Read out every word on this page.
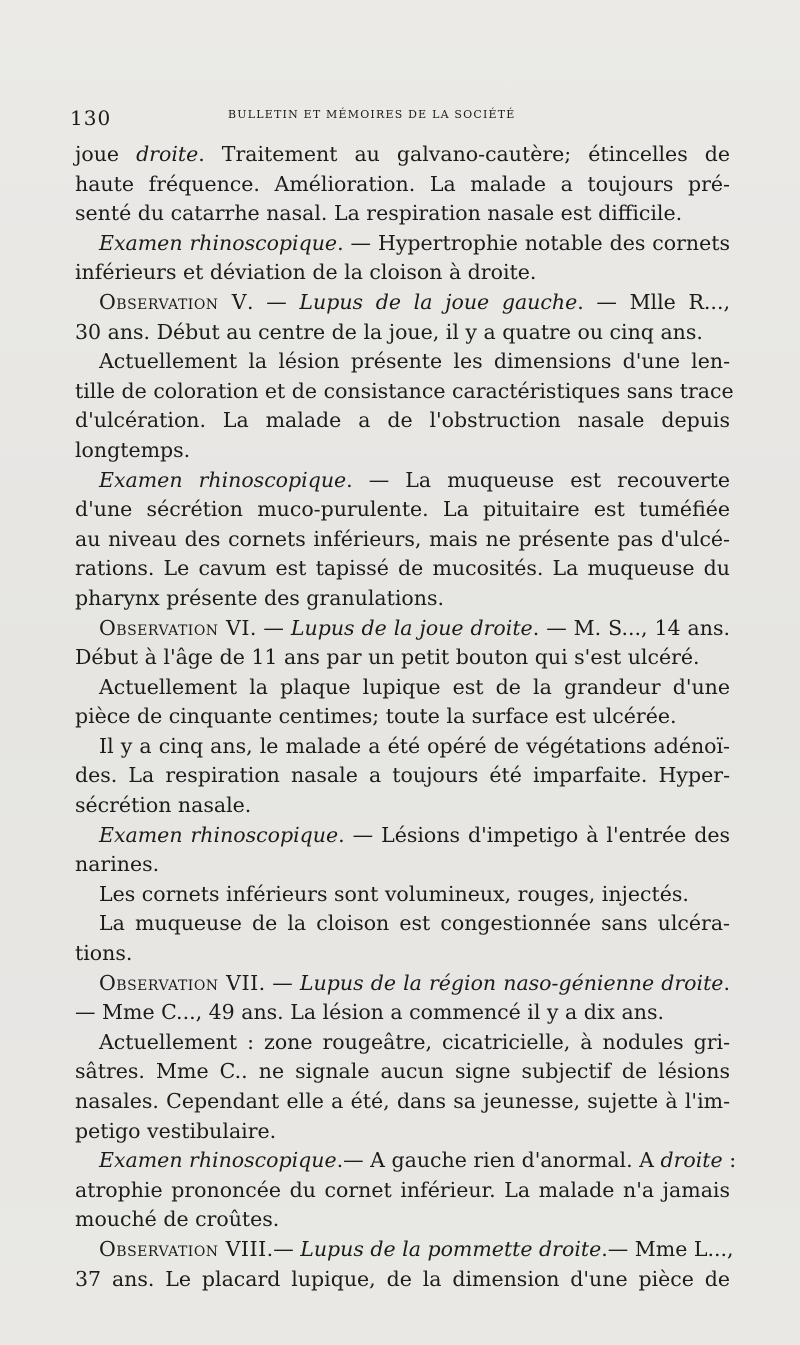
130	BULLETIN ET MÉMOIRES DE LA SOCIÉTÉ
joue droite. Traitement au galvano-cautère; étincelles de
haute fréquence. Amélioration. La malade a toujours pré-
senté du catarrhe nasal. La respiration nasale est difficile.
Examen rhinoscopique. — Hypertrophie notable des cornets
inférieurs et déviation de la cloison à droite.
Observation V. — Lupus de la joue gauche. — Mlle R...,
30 ans. Début au centre de la joue, il y a quatre ou cinq ans.
Actuellement la lésion présente les dimensions d'une len-
tille de coloration et de consistance caractéristiques sans trace
d'ulcération. La malade a de l'obstruction nasale depuis
longtemps.
Examen rhinoscopique. — La muqueuse est recouverte
d'une sécrétion muco-purulente. La pituitaire est tuméfiée
au niveau des cornets inférieurs, mais ne présente pas d'ulcé-
rations. Le cavum est tapissé de mucosités. La muqueuse du
pharynx présente des granulations.
Observation VI. — Lupus de la joue droite. — M. S..., 14 ans.
Début à l'âge de 11 ans par un petit bouton qui s'est ulcéré.
Actuellement la plaque lupique est de la grandeur d'une
pièce de cinquante centimes; toute la surface est ulcérée.
Il y a cinq ans, le malade a été opéré de végétations adénoï-
des. La respiration nasale a toujours été imparfaite. Hyper-
sécrétion nasale.
Examen rhinoscopique. — Lésions d'impetigo à l'entrée des
narines.
Les cornets inférieurs sont volumineux, rouges, injectés.
La muqueuse de la cloison est congestionnée sans ulcéra-
tions.
Observation VII. — Lupus de la région naso-génienne droite.
— Mme C..., 49 ans. La lésion a commencé il y a dix ans.
Actuellement : zone rougeâtre, cicatricielle, à nodules gri-
sâtres. Mme C.. ne signale aucun signe subjectif de lésions
nasales. Cependant elle a été, dans sa jeunesse, sujette à l'im-
petigo vestibulaire.
Examen rhinoscopique.— A gauche rien d'anormal. A droite :
atrophie prononcée du cornet inférieur. La malade n'a jamais
mouché de croûtes.
Observation VIII.— Lupus de la pommette droite.— Mme L...,
37 ans. Le placard lupique, de la dimension d'une pièce de
